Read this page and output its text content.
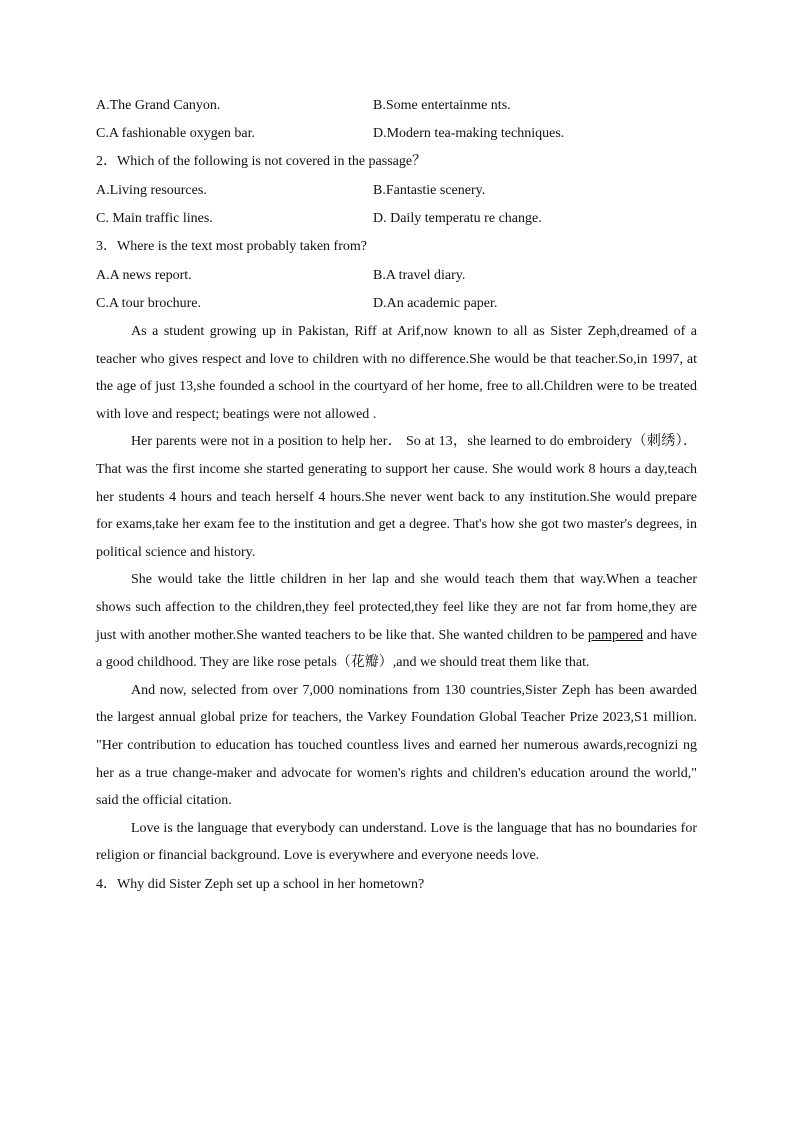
A.The Grand Canyon.	B.Some entertainme nts.
C.A fashionable oxygen bar.	D.Modern tea-making techniques.
2．Which of the following is not covered in the passage？
A.Living resources.	B.Fantastie scenery.
C. Main traffic lines.	D. Daily temperatu re change.
3．Where is the text most probably taken from?
A.A news report.	B.A travel diary.
C.A tour brochure.	D.An academic paper.

As a student growing up in Pakistan, Riff at Arif,now known to all as Sister Zeph,dreamed of a teacher who gives respect and love to children with no difference.She would be that teacher.So,in 1997, at the age of just 13,she founded a school in the courtyard of her home, free to all.Children were to be treated with love and respect; beatings were not allowed .

Her parents were not in a position to help her． So at 13，she learned to do embroidery（刺绣）．That was the first income she started generating to support her cause. She would work 8 hours a day,teach her students 4 hours and teach herself 4 hours.She never went back to any institution.She would prepare for exams,take her exam fee to the institution and get a degree. That's how she got two master's degrees, in political science and history.

She would take the little children in her lap and she would teach them that way.When a teacher shows such affection to the children,they feel protected,they feel like they are not far from home,they are just with another mother.She wanted teachers to be like that. She wanted children to be pampered and have a good childhood. They are like rose petals（花瓣）,and we should treat them like that.

And now, selected from over 7,000 nominations from 130 countries,Sister Zeph has been awarded the largest annual global prize for teachers, the Varkey Foundation Global Teacher Prize 2023,S1 million. "Her contribution to education has touched countless lives and earned her numerous awards,recognizi ng her as a true change-maker and advocate for women's rights and children's education around the world," said the official citation.

Love is the language that everybody can understand. Love is the language that has no boundaries for religion or financial background. Love is everywhere and everyone needs love.

4．Why did Sister Zeph set up a school in her hometown?
